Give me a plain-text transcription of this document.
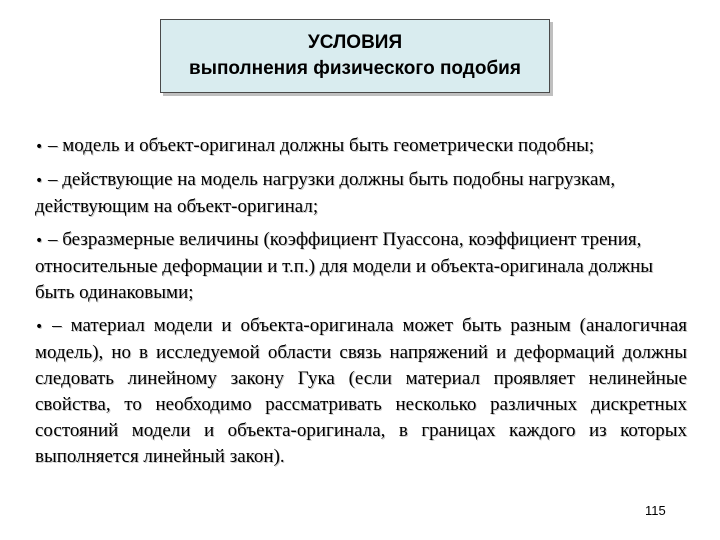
УСЛОВИЯ
выполнения физического подобия
• – модель и объект-оригинал должны быть геометрически подобны;
• – действующие на модель нагрузки должны быть подобны нагрузкам, действующим на объект-оригинал;
• – безразмерные величины (коэффициент Пуассона, коэффициент трения, относительные деформации и т.п.) для модели и объекта-оригинала должны быть одинаковыми;
• – материал модели и объекта-оригинала может быть разным (аналогичная модель), но в исследуемой области связь напряжений и деформаций должны следовать линейному закону Гука (если материал проявляет нелинейные свойства, то необходимо рассматривать несколько различных дискретных состояний модели и объекта-оригинала, в границах каждого из которых выполняется линейный закон).
115
